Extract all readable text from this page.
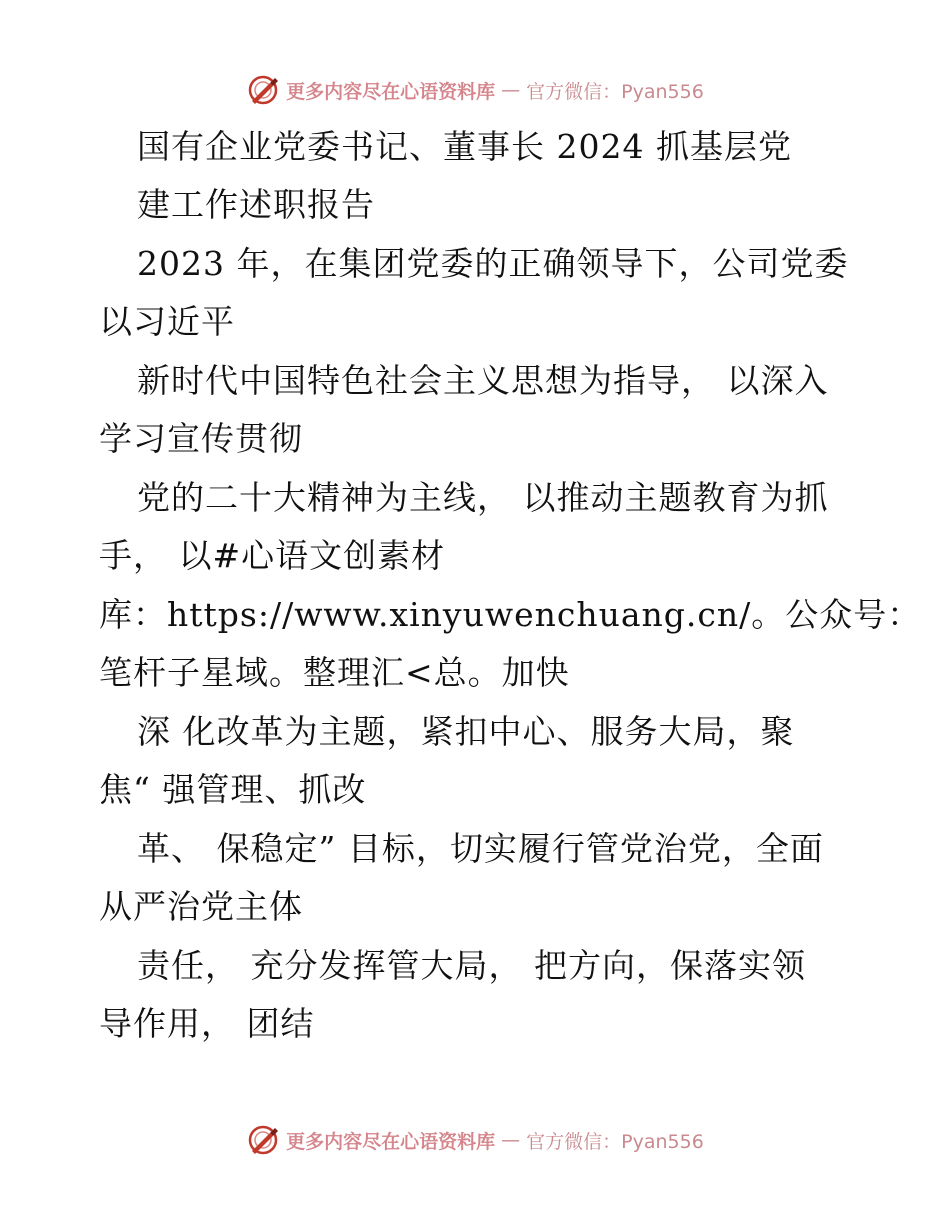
更多内容尽在心语资料库 — 官方微信：Pyan556
国有企业党委书记、董事长 2024 抓基层党
建工作述职报告
2023 年，在集团党委的正确领导下，公司党委
以习近平
新时代中国特色社会主义思想为指导， 以深入
学习宣传贯彻
党的二十大精神为主线， 以推动主题教育为抓
手， 以#心语文创素材
库：https://www.xinyuwenchuang.cn/。公众号：
笔杆子星域。整理汇<总。加快
深 化改革为主题，紧扣中心、服务大局，聚
焦“ 强管理、抓改
革、 保稳定” 目标，切实履行管党治党，全面
从严治党主体
责任， 充分发挥管大局， 把方向，保落实领
导作用， 团结
更多内容尽在心语资料库 — 官方微信：Pyan556
